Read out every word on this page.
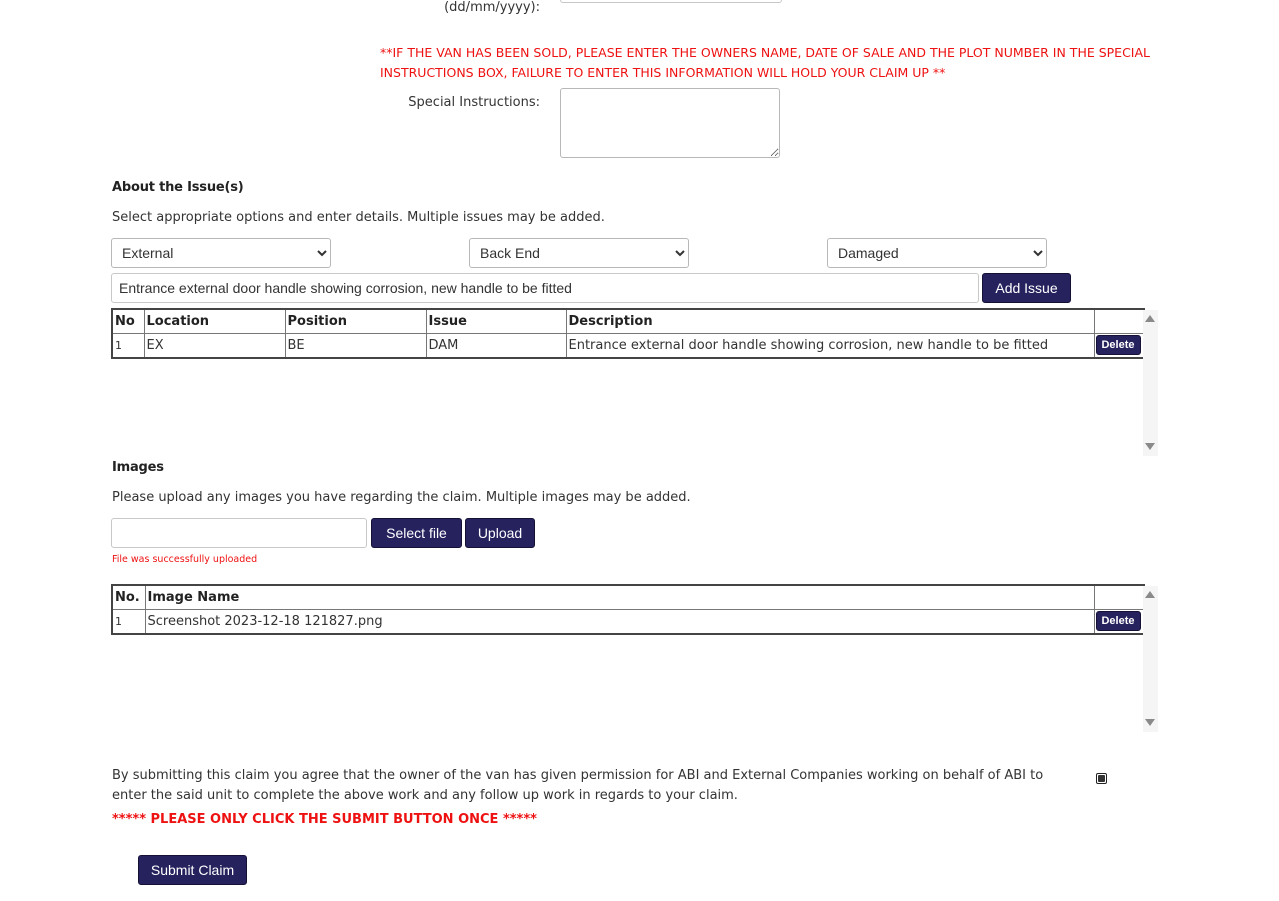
(dd/mm/yyyy):
**IF THE VAN HAS BEEN SOLD, PLEASE ENTER THE OWNERS NAME, DATE OF SALE AND THE PLOT NUMBER IN THE SPECIAL INSTRUCTIONS BOX, FAILURE TO ENTER THIS INFORMATION WILL HOLD YOUR CLAIM UP **
Special Instructions:
About the Issue(s)
Select appropriate options and enter details. Multiple issues may be added.
External
Back End
Damaged
Entrance external door handle showing corrosion, new handle to be fitted
Add Issue
No	Location	Position	Issue	Description	
1	EX	BE	DAM	Entrance external door handle showing corrosion, new handle to be fitted	Delete
Images
Please upload any images you have regarding the claim. Multiple images may be added.
Select file	Upload
File was successfully uploaded
No.	Image Name	
1	Screenshot 2023-12-18 121827.png	Delete
By submitting this claim you agree that the owner of the van has given permission for ABI and External Companies working on behalf of ABI to enter the said unit to complete the above work and any follow up work in regards to your claim.
***** PLEASE ONLY CLICK THE SUBMIT BUTTON ONCE *****
Submit Claim
